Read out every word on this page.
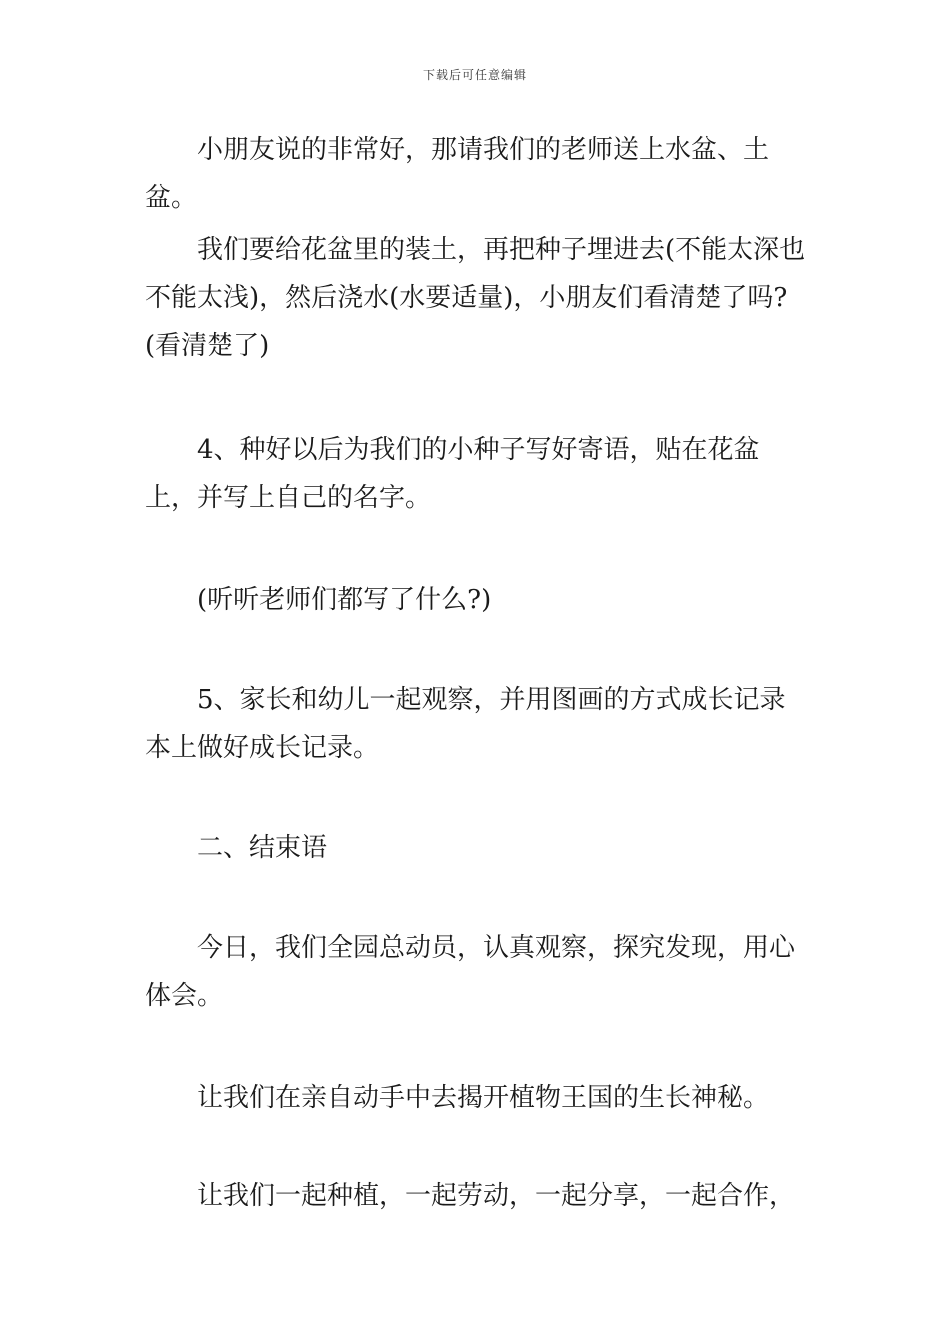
下载后可任意编辑

小朋友说的非常好，那请我们的老师送上水盆、土盆。

我们要给花盆里的装土，再把种子埋进去(不能太深也不能太浅)，然后浇水(水要适量)，小朋友们看清楚了吗?(看清楚了)

4、种好以后为我们的小种子写好寄语，贴在花盆上，并写上自己的名字。

(听听老师们都写了什么?)

5、家长和幼儿一起观察，并用图画的方式成长记录本上做好成长记录。

二、结束语

今日，我们全园总动员，认真观察，探究发现，用心体会。

让我们在亲自动手中去揭开植物王国的生长神秘。

让我们一起种植，一起劳动，一起分享，一起合作，
